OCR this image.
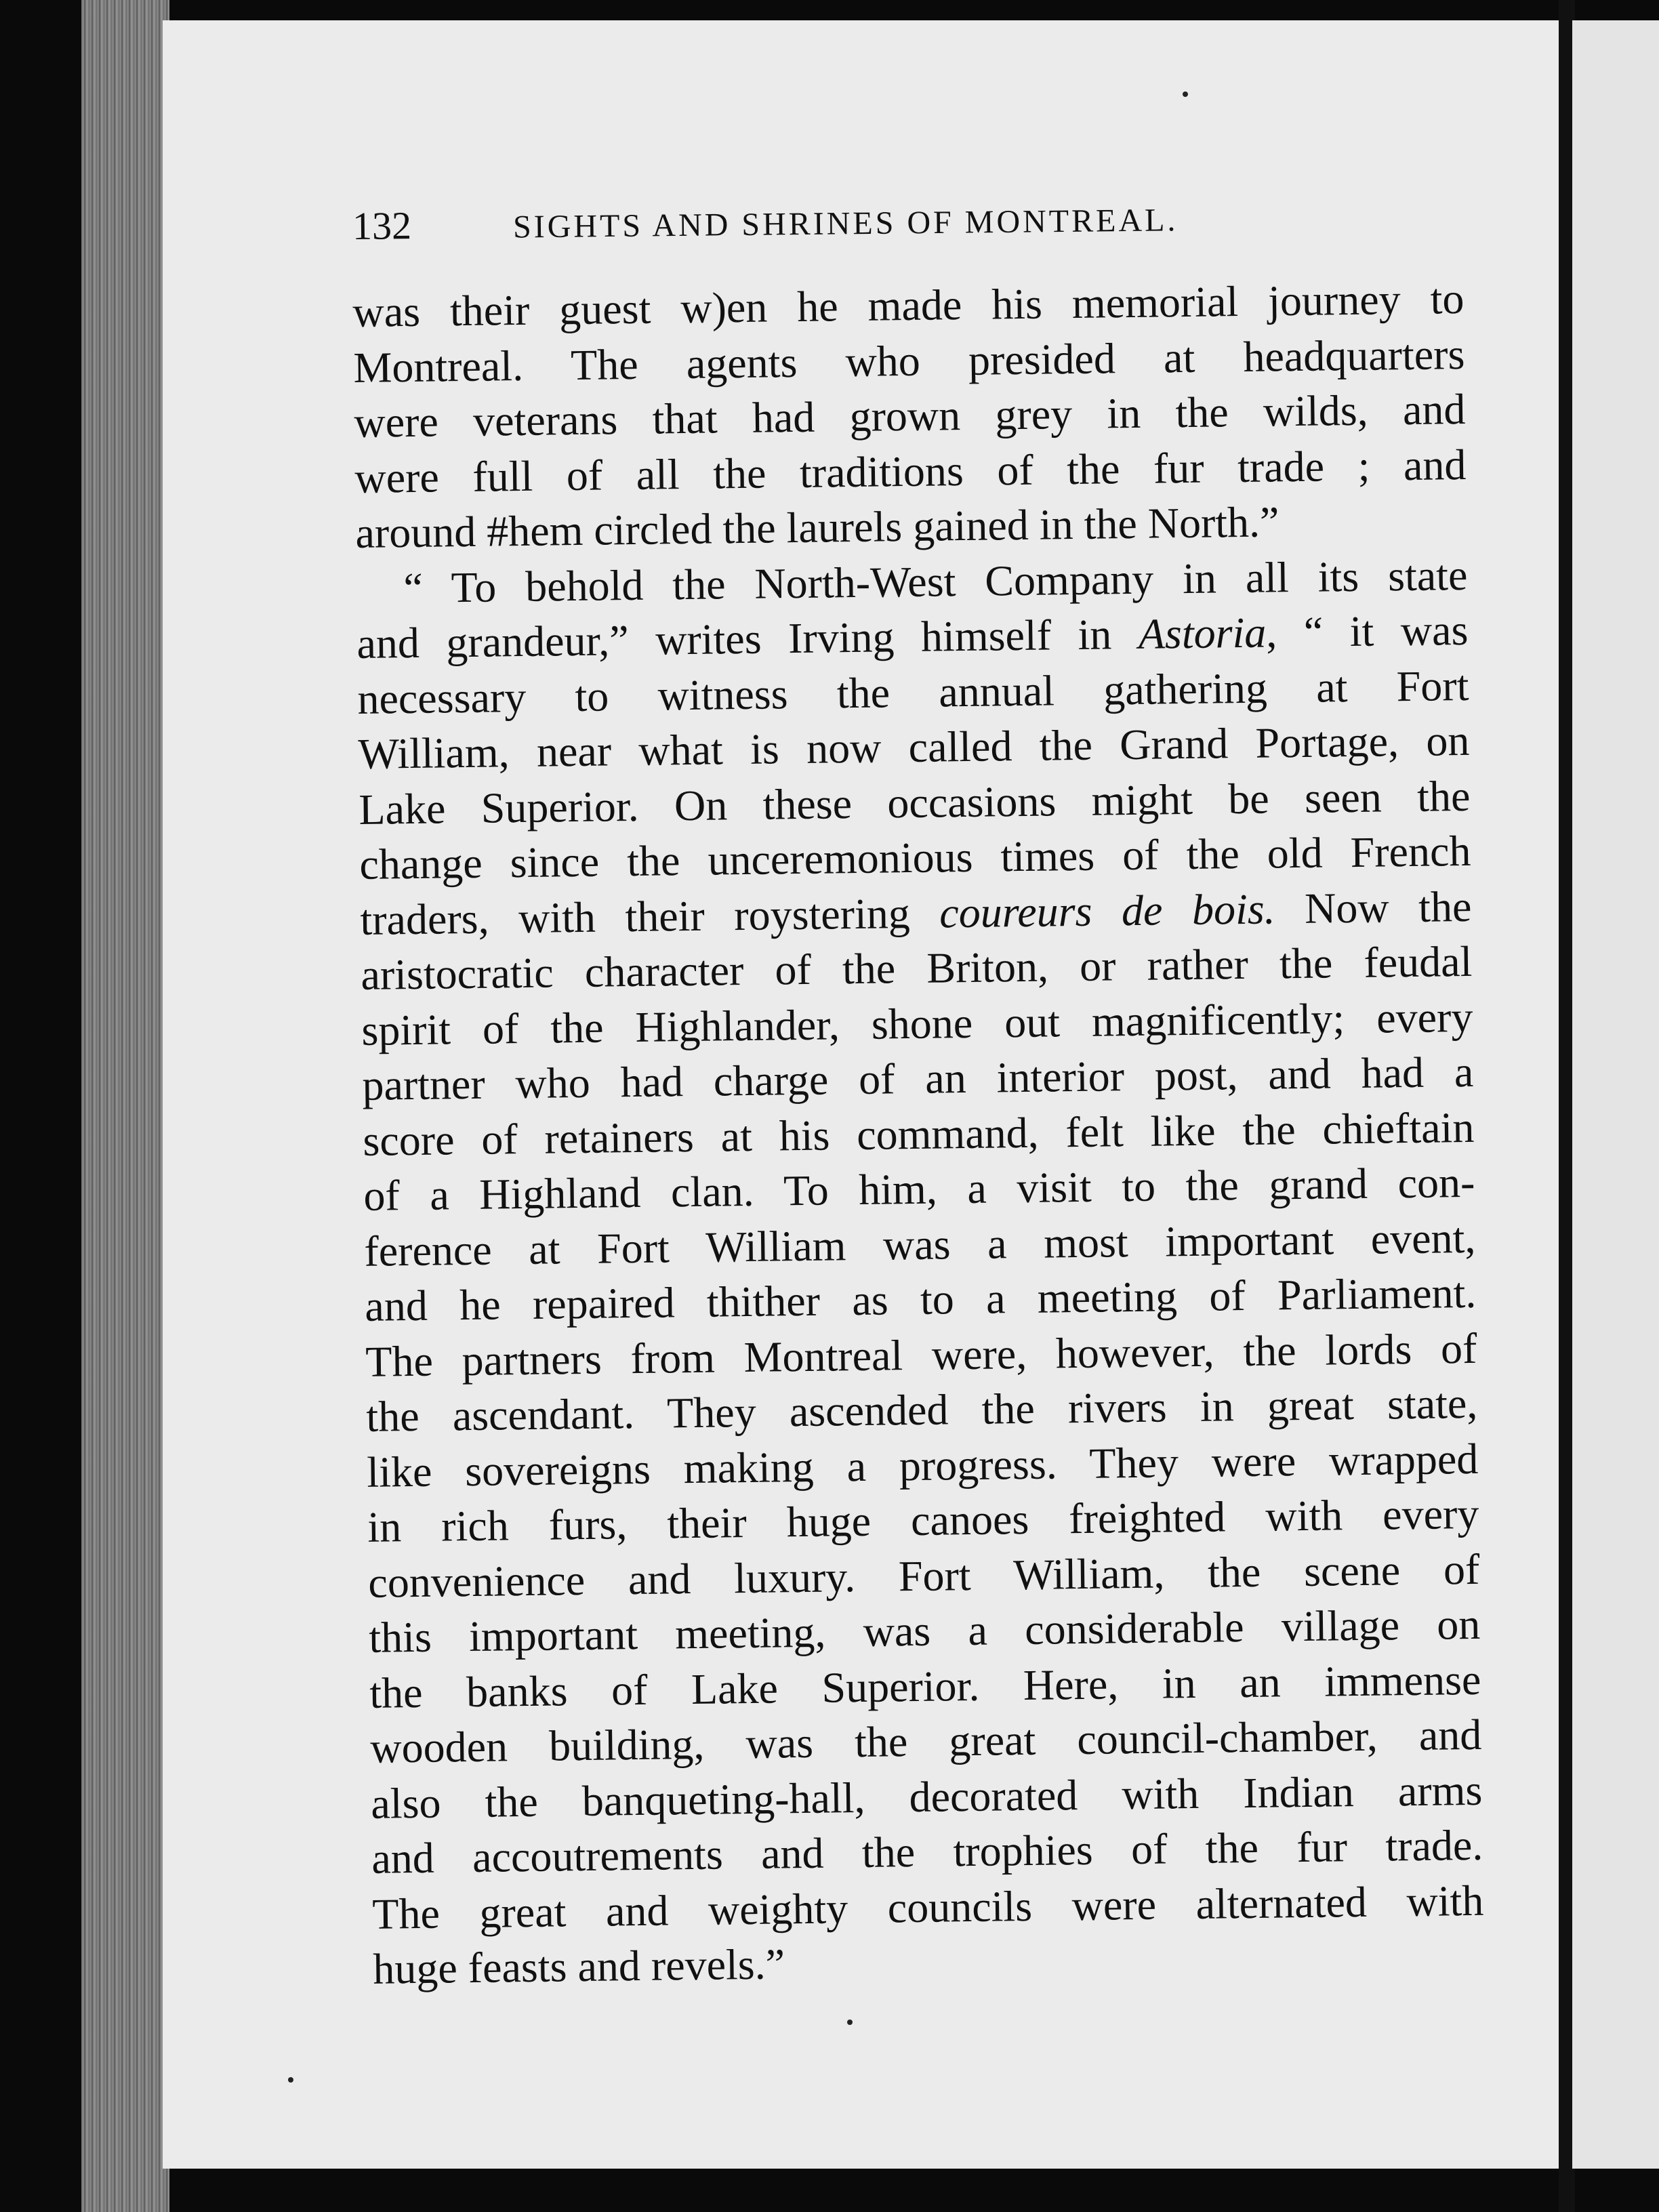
132	SIGHTS AND SHRINES OF MONTREAL.
was their guest w)en he made his memorial journey to
Montreal. The agents who presided at headquarters
were veterans that had grown grey in the wilds, and
were full of all the traditions of the fur trade ; and
around #hem circled the laurels gained in the North.”
“ To behold the North-West Company in all its state
and grandeur,” writes Irving himself in Astoria, “ it was
necessary to witness the annual gathering at Fort
William, near what is now called the Grand Portage, on
Lake Superior. On these occasions might be seen the
change since the unceremonious times of the old French
traders, with their roystering coureurs de bois. Now the
aristocratic character of the Briton, or rather the feudal
spirit of the Highlander, shone out magnificently; every
partner who had charge of an interior post, and had a
score of retainers at his command, felt like the chieftain
of a Highland clan. To him, a visit to the grand con-
ference at Fort William was a most important event,
and he repaired thither as to a meeting of Parliament.
The partners from Montreal were, however, the lords of
the ascendant. They ascended the rivers in great state,
like sovereigns making a progress. They were wrapped
in rich furs, their huge canoes freighted with every
convenience and luxury. Fort William, the scene of
this important meeting, was a considerable village on
the banks of Lake Superior. Here, in an immense
wooden building, was the great council-chamber, and
also the banqueting-hall, decorated with Indian arms
and accoutrements and the trophies of the fur trade.
The great and weighty councils were alternated with
huge feasts and revels.”
